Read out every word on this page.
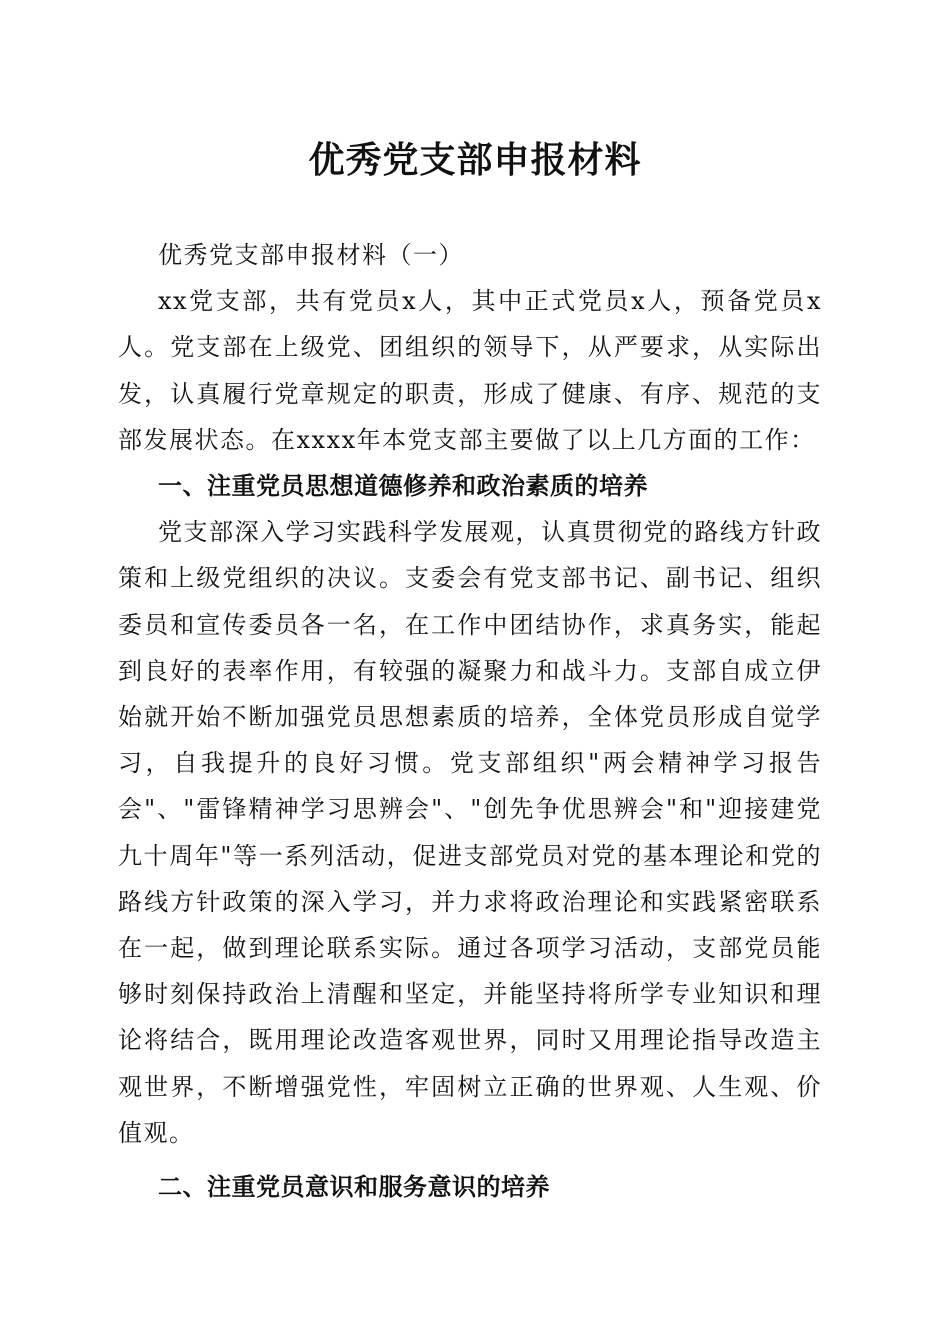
优秀党支部申报材料

优秀党支部申报材料（一）

xx党支部，共有党员x人，其中正式党员x人，预备党员x人。党支部在上级党、团组织的领导下，从严要求，从实际出发，认真履行党章规定的职责，形成了健康、有序、规范的支部发展状态。在xxxx年本党支部主要做了以上几方面的工作：

一、注重党员思想道德修养和政治素质的培养

党支部深入学习实践科学发展观，认真贯彻党的路线方针政策和上级党组织的决议。支委会有党支部书记、副书记、组织委员和宣传委员各一名，在工作中团结协作，求真务实，能起到良好的表率作用，有较强的凝聚力和战斗力。支部自成立伊始就开始不断加强党员思想素质的培养，全体党员形成自觉学习，自我提升的良好习惯。党支部组织"两会精神学习报告会"、"雷锋精神学习思辨会"、"创先争优思辨会"和"迎接建党九十周年"等一系列活动，促进支部党员对党的基本理论和党的路线方针政策的深入学习，并力求将政治理论和实践紧密联系在一起，做到理论联系实际。通过各项学习活动，支部党员能够时刻保持政治上清醒和坚定，并能坚持将所学专业知识和理论将结合，既用理论改造客观世界，同时又用理论指导改造主观世界，不断增强党性，牢固树立正确的世界观、人生观、价值观。

二、注重党员意识和服务意识的培养
